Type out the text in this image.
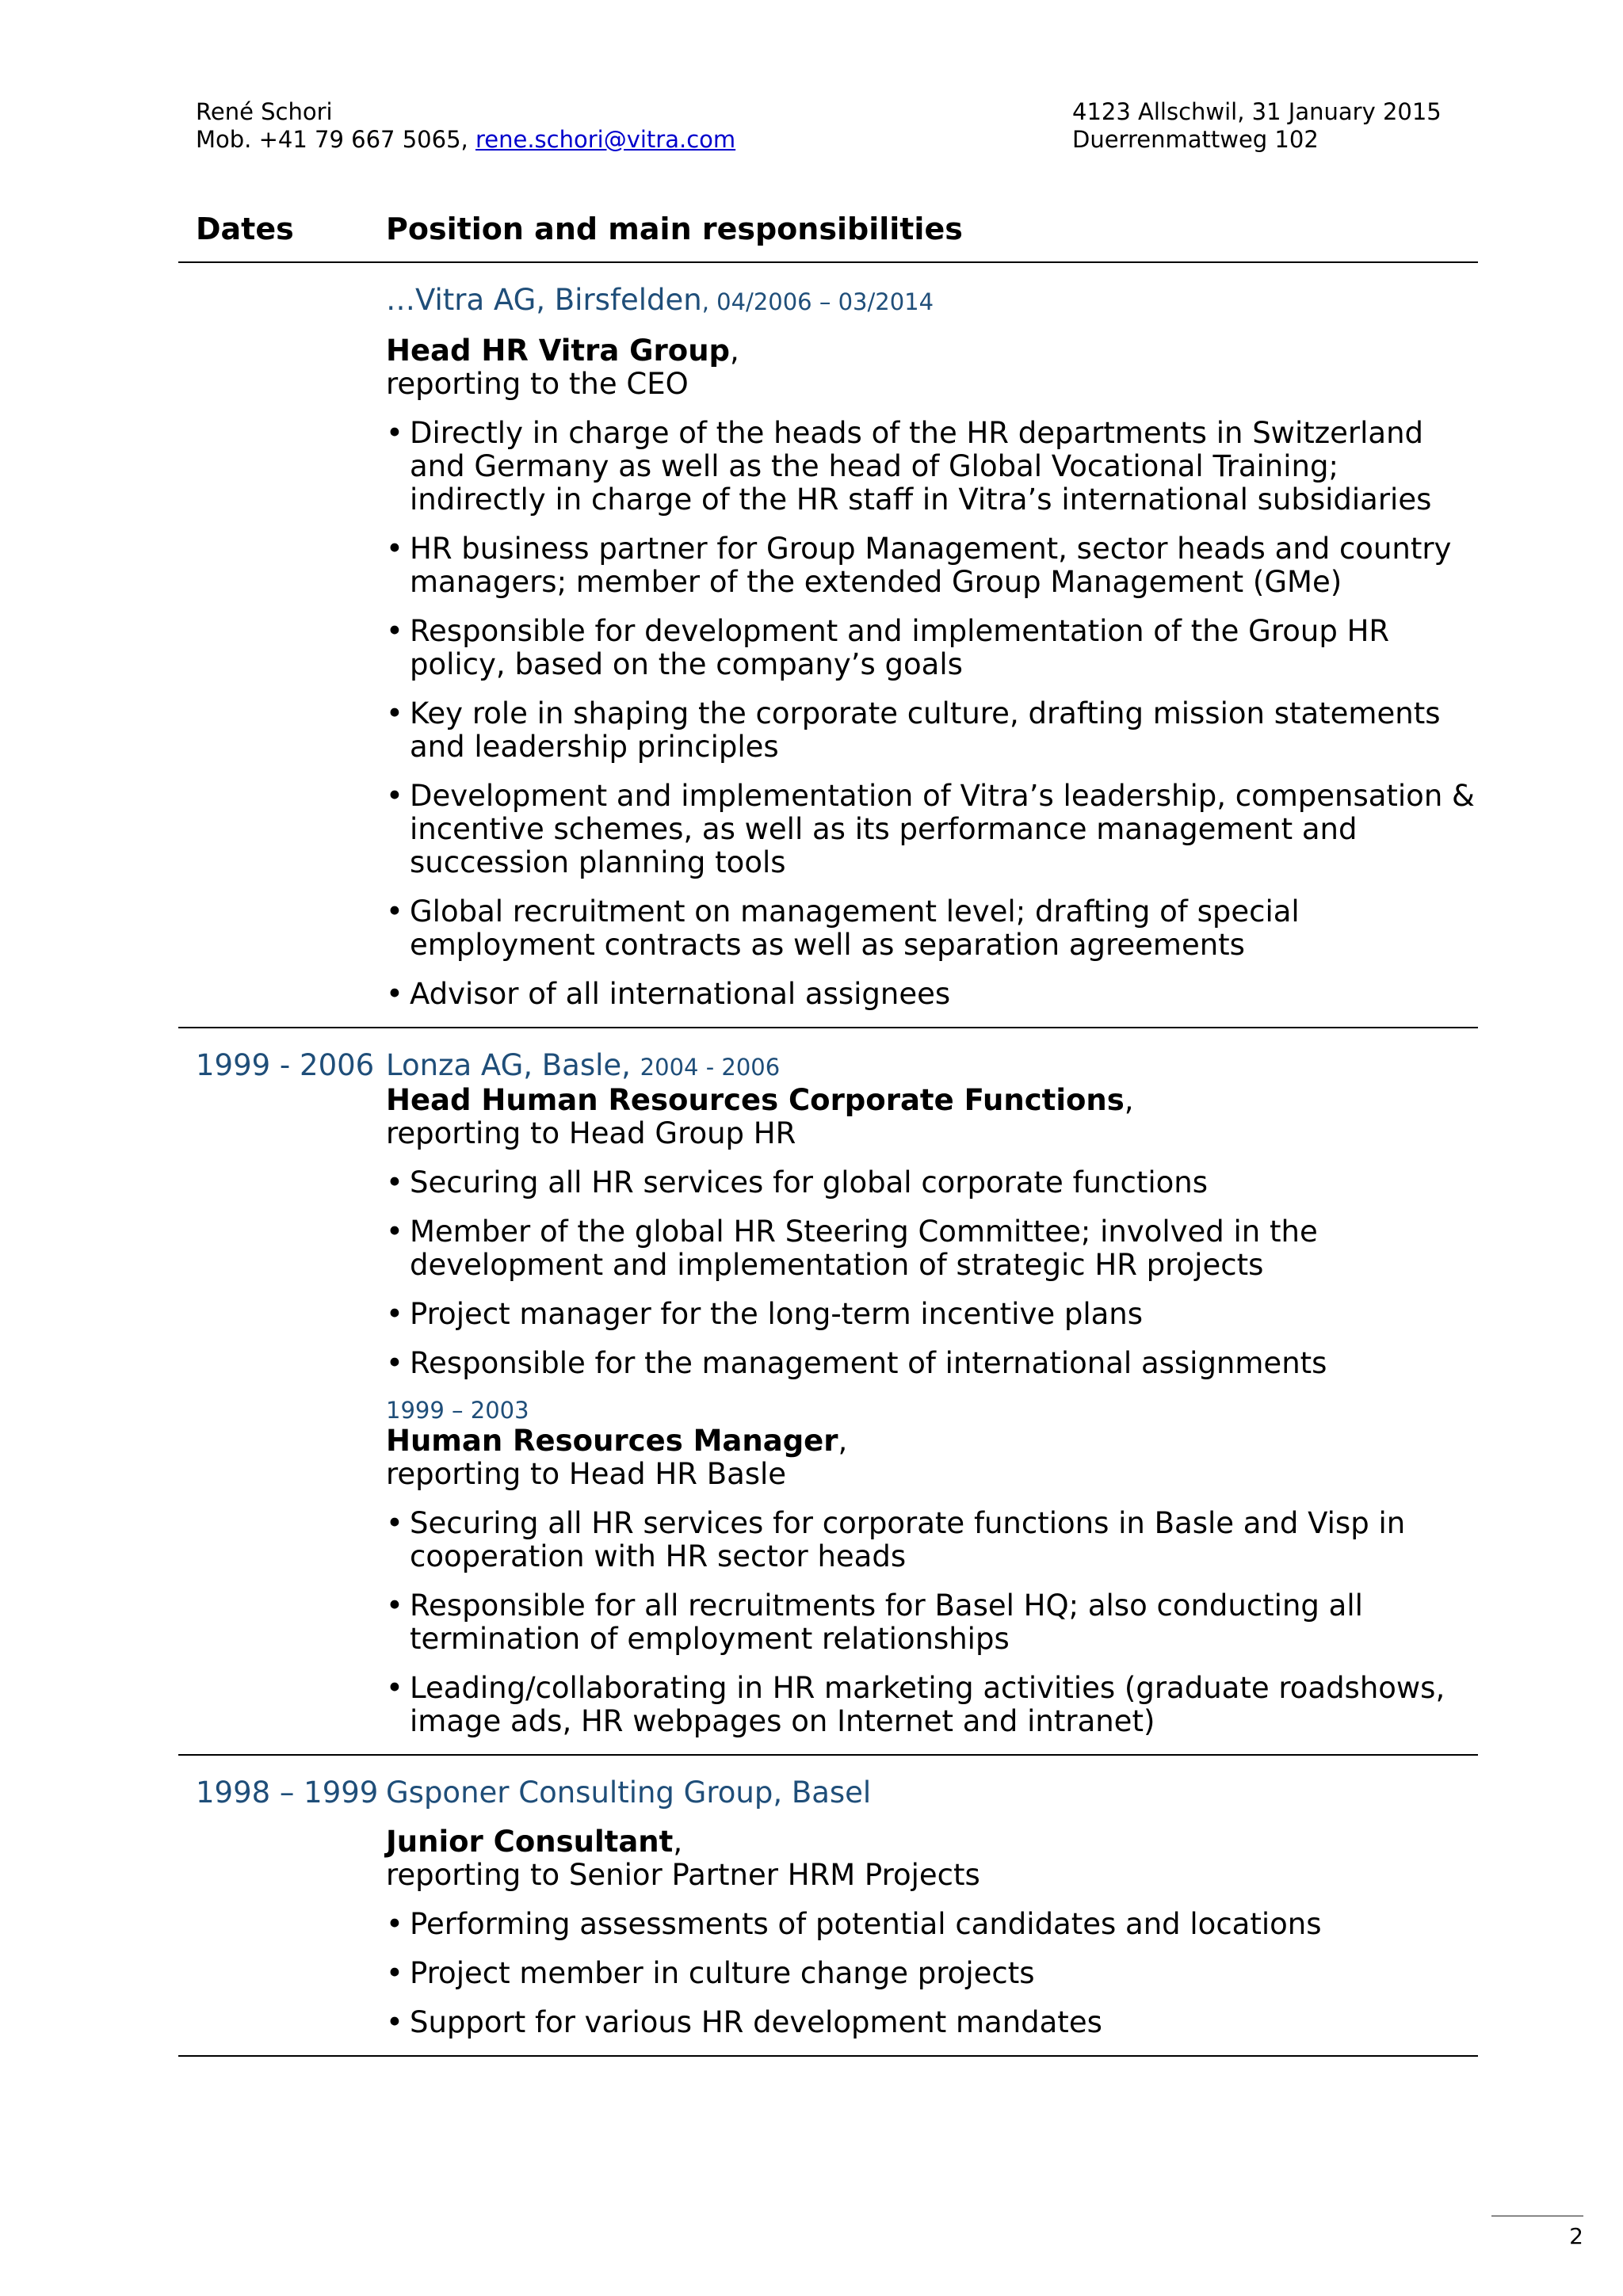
René Schori
Mob. +41 79 667 5065, rene.schori@vitra.com
4123 Allschwil, 31 January 2015
Duerrenmattweg 102
Dates	Position and main responsibilities
…Vitra AG, Birsfelden, 04/2006 – 03/2014
Head HR Vitra Group,
reporting to the CEO
• Directly in charge of the heads of the HR departments in Switzerland and Germany as well as the head of Global Vocational Training; indirectly in charge of the HR staff in Vitra’s international subsidiaries
• HR business partner for Group Management, sector heads and country managers; member of the extended Group Management (GMe)
• Responsible for development and implementation of the Group HR policy, based on the company’s goals
• Key role in shaping the corporate culture, drafting mission statements and leadership principles
• Development and implementation of Vitra’s leadership, compensation & incentive schemes, as well as its performance management and succession planning tools
• Global recruitment on management level; drafting of special employment contracts as well as separation agreements
• Advisor of all international assignees
1999 - 2006 Lonza AG, Basle, 2004 - 2006
Head Human Resources Corporate Functions,
reporting to Head Group HR
• Securing all HR services for global corporate functions
• Member of the global HR Steering Committee; involved in the development and implementation of strategic HR projects
• Project manager for the long-term incentive plans
• Responsible for the management of international assignments
1999 – 2003
Human Resources Manager,
reporting to Head HR Basle
• Securing all HR services for corporate functions in Basle and Visp in cooperation with HR sector heads
• Responsible for all recruitments for Basel HQ; also conducting all termination of employment relationships
• Leading/collaborating in HR marketing activities (graduate roadshows, image ads, HR webpages on Internet and intranet)
1998 – 1999 Gsponer Consulting Group, Basel
Junior Consultant,
reporting to Senior Partner HRM Projects
• Performing assessments of potential candidates and locations
• Project member in culture change projects
• Support for various HR development mandates
2
